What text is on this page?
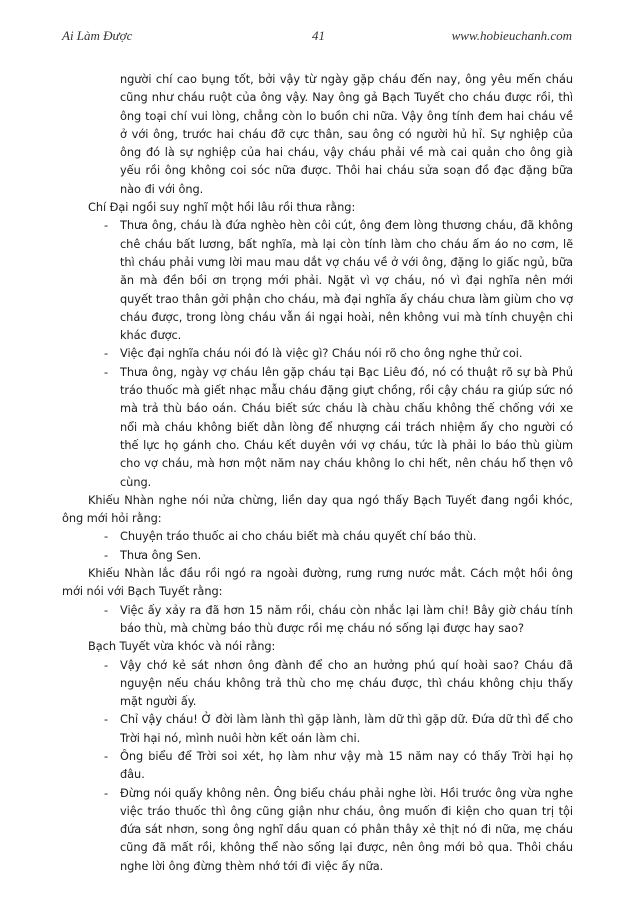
Ai Làm Được	41	www.hobieuchanh.com

người chí cao bụng tốt, bởi vậy từ ngày gặp cháu đến nay, ông yêu mến cháu cũng như cháu ruột của ông vậy. Nay ông gả Bạch Tuyết cho cháu được rồi, thì ông toại chí vui lòng, chẳng còn lo buồn chi nữa. Vậy ông tính đem hai cháu về ở với ông, trước hai cháu đỡ cực thân, sau ông có người hủ hỉ. Sự nghiệp của ông đó là sự nghiệp của hai cháu, vậy cháu phải về mà cai quản cho ông già yếu rồi ông không coi sóc nữa được. Thôi hai cháu sửa soạn đồ đạc đặng bữa nào đi với ông.

Chí Đại ngồi suy nghĩ một hồi lâu rồi thưa rằng:

- Thưa ông, cháu là đứa nghèo hèn côi cút, ông đem lòng thương cháu, đã không chê cháu bất lương, bất nghĩa, mà lại còn tính làm cho cháu ấm áo no cơm, lẽ thì cháu phải vưng lời mau mau dắt vợ cháu về ở với ông, đặng lo giấc ngủ, bữa ăn mà đền bồi ơn trọng mới phải. Ngặt vì vợ cháu, nó vì đại nghĩa nên mới quyết trao thân gởi phận cho cháu, mà đại nghĩa ấy cháu chưa làm giùm cho vợ cháu được, trong lòng cháu vẫn ái ngại hoài, nên không vui mà tính chuyện chi khác được.

- Việc đại nghĩa cháu nói đó là việc gì? Cháu nói rõ cho ông nghe thử coi.

- Thưa ông, ngày vợ cháu lên gặp cháu tại Bạc Liêu đó, nó có thuật rõ sự bà Phủ tráo thuốc mà giết nhạc mẫu cháu đặng giựt chồng, rồi cậy cháu ra giúp sức nó mà trả thù báo oán. Cháu biết sức cháu là chàu chấu không thế chống với xe nổi mà cháu không biết dằn lòng để nhượng cái trách nhiệm ấy cho người có thế lực họ gánh cho. Cháu kết duyên với vợ cháu, tức là phải lo báo thù giùm cho vợ cháu, mà hơn một năm nay cháu không lo chi hết, nên cháu hổ thẹn vô cùng.

Khiếu Nhàn nghe nói nửa chừng, liền day qua ngó thấy Bạch Tuyết đang ngồi khóc, ông mới hỏi rằng:

- Chuyện tráo thuốc ai cho cháu biết mà cháu quyết chí báo thù.

- Thưa ông Sen.

Khiếu Nhàn lắc đầu rồi ngó ra ngoài đường, rưng rưng nước mắt. Cách một hồi ông mới nói với Bạch Tuyết rằng:

- Việc ấy xảy ra đã hơn 15 năm rồi, cháu còn nhắc lại làm chi! Bây giờ cháu tính báo thù, mà chừng báo thù được rồi mẹ cháu nó sống lại được hay sao?

Bạch Tuyết vừa khóc và nói rằng:

- Vậy chớ kẻ sát nhơn ông đành để cho an hưởng phú quí hoài sao? Cháu đã nguyện nếu cháu không trả thù cho mẹ cháu được, thì cháu không chịu thấy mặt người ấy.

- Chỉ vậy cháu! Ở đời làm lành thì gặp lành, làm dữ thì gặp dữ. Đứa dữ thì để cho Trời hại nó, mình nuôi hờn kết oán làm chi.

- Ông biểu để Trời soi xét, họ làm như vậy mà 15 năm nay có thấy Trời hại họ đâu.

- Đừng nói quấy không nên. Ông biểu cháu phải nghe lời. Hồi trước ông vừa nghe việc tráo thuốc thì ông cũng giận như cháu, ông muốn đi kiện cho quan trị tội đứa sát nhơn, song ông nghĩ dầu quan có phân thây xẻ thịt nó đi nữa, mẹ cháu cũng đã mất rồi, không thể nào sống lại được, nên ông mới bỏ qua. Thôi cháu nghe lời ông đừng thèm nhớ tới đi việc ấy nữa.
